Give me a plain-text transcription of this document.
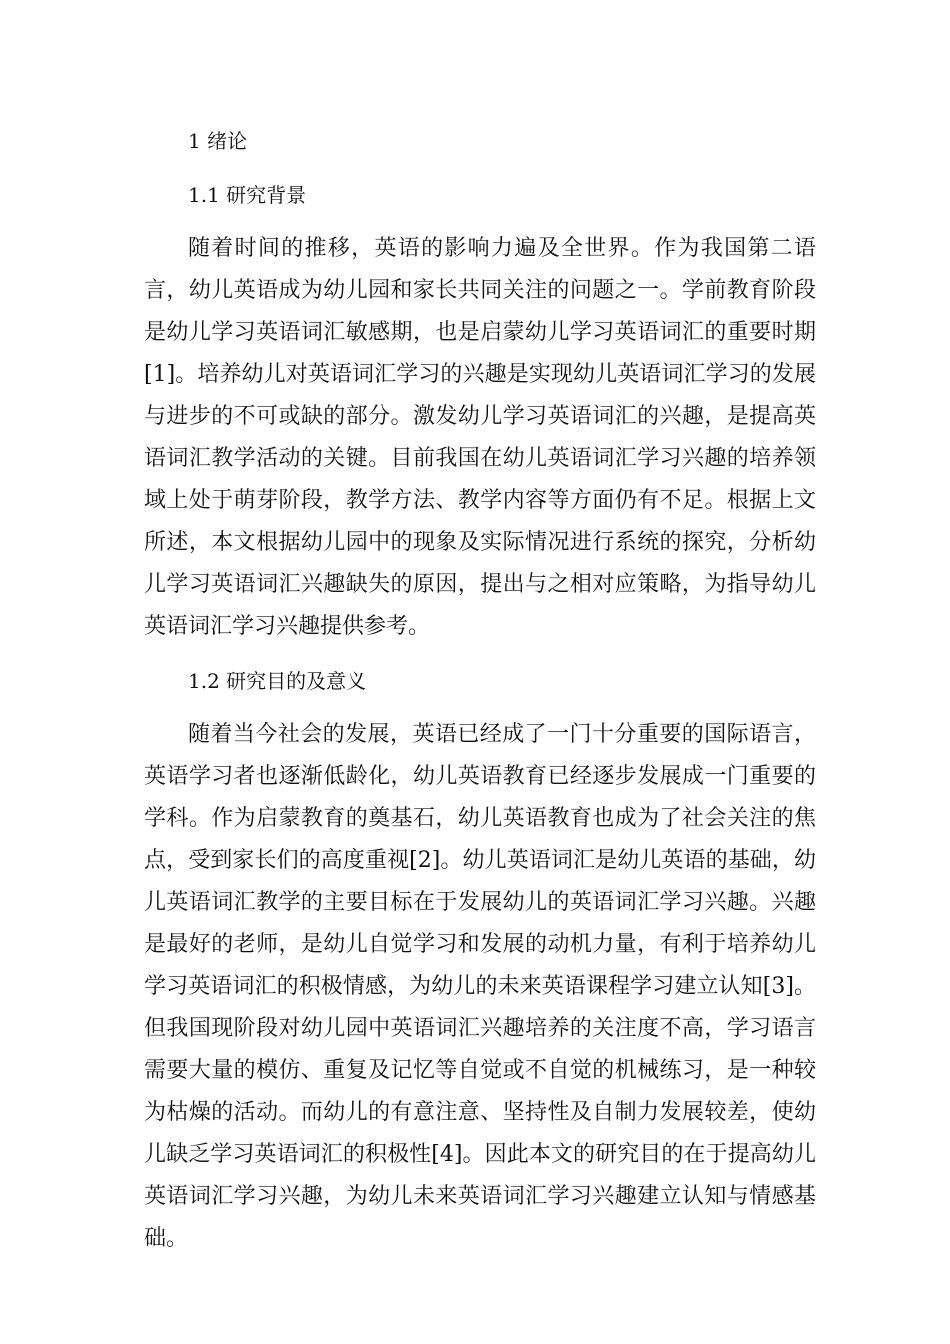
1 绪论
1.1 研究背景

随着时间的推移，英语的影响力遍及全世界。作为我国第二语言，幼儿英语成为幼儿园和家长共同关注的问题之一。学前教育阶段是幼儿学习英语词汇敏感期，也是启蒙幼儿学习英语词汇的重要时期[1]。培养幼儿对英语词汇学习的兴趣是实现幼儿英语词汇学习的发展与进步的不可或缺的部分。激发幼儿学习英语词汇的兴趣，是提高英语词汇教学活动的关键。目前我国在幼儿英语词汇学习兴趣的培养领域上处于萌芽阶段，教学方法、教学内容等方面仍有不足。根据上文所述，本文根据幼儿园中的现象及实际情况进行系统的探究，分析幼儿学习英语词汇兴趣缺失的原因，提出与之相对应策略，为指导幼儿英语词汇学习兴趣提供参考。

1.2 研究目的及意义

随着当今社会的发展，英语已经成了一门十分重要的国际语言，英语学习者也逐渐低龄化，幼儿英语教育已经逐步发展成一门重要的学科。作为启蒙教育的奠基石，幼儿英语教育也成为了社会关注的焦点，受到家长们的高度重视[2]。幼儿英语词汇是幼儿英语的基础，幼儿英语词汇教学的主要目标在于发展幼儿的英语词汇学习兴趣。兴趣是最好的老师，是幼儿自觉学习和发展的动机力量，有利于培养幼儿学习英语词汇的积极情感，为幼儿的未来英语课程学习建立认知[3]。但我国现阶段对幼儿园中英语词汇兴趣培养的关注度不高，学习语言需要大量的模仿、重复及记忆等自觉或不自觉的机械练习，是一种较为枯燥的活动。而幼儿的有意注意、坚持性及自制力发展较差，使幼儿缺乏学习英语词汇的积极性[4]。因此本文的研究目的在于提高幼儿英语词汇学习兴趣，为幼儿未来英语词汇学习兴趣建立认知与情感基础。
